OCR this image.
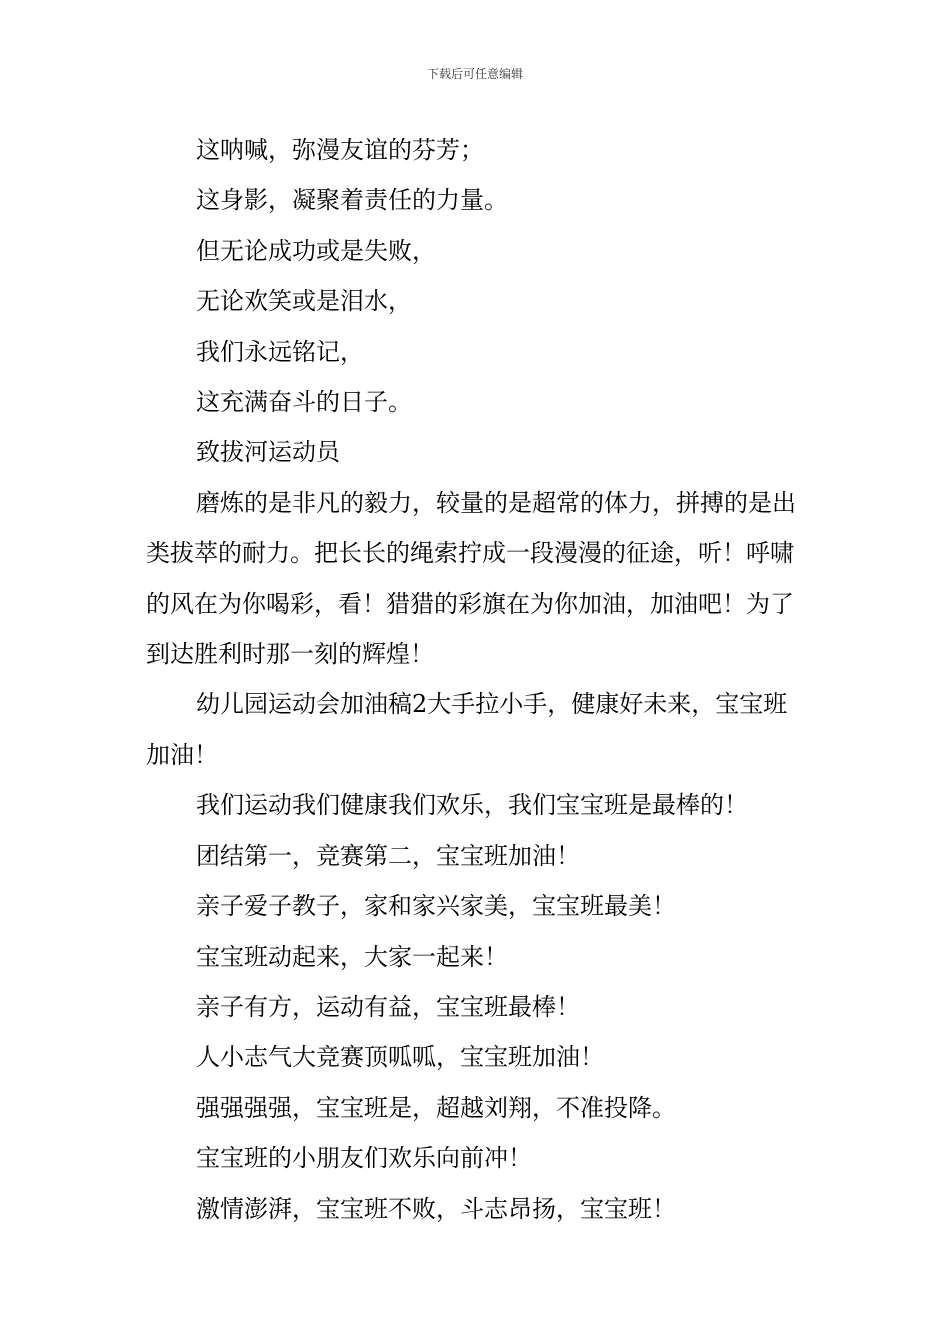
下载后可任意编辑

这呐喊，弥漫友谊的芬芳；

这身影，凝聚着责任的力量。

但无论成功或是失败，

无论欢笑或是泪水，

我们永远铭记，

这充满奋斗的日子。

致拔河运动员

磨炼的是非凡的毅力，较量的是超常的体力，拼搏的是出类拔萃的耐力。把长长的绳索拧成一段漫漫的征途，听！呼啸的风在为你喝彩，看！猎猎的彩旗在为你加油，加油吧！为了到达胜利时那一刻的辉煌！

幼儿园运动会加油稿2大手拉小手，健康好未来，宝宝班加油！

我们运动我们健康我们欢乐，我们宝宝班是最棒的！

团结第一，竞赛第二，宝宝班加油！

亲子爱子教子，家和家兴家美，宝宝班最美！

宝宝班动起来，大家一起来！

亲子有方，运动有益，宝宝班最棒！

人小志气大竞赛顶呱呱，宝宝班加油！

强强强强，宝宝班是，超越刘翔，不准投降。

宝宝班的小朋友们欢乐向前冲！

激情澎湃，宝宝班不败，斗志昂扬，宝宝班！
